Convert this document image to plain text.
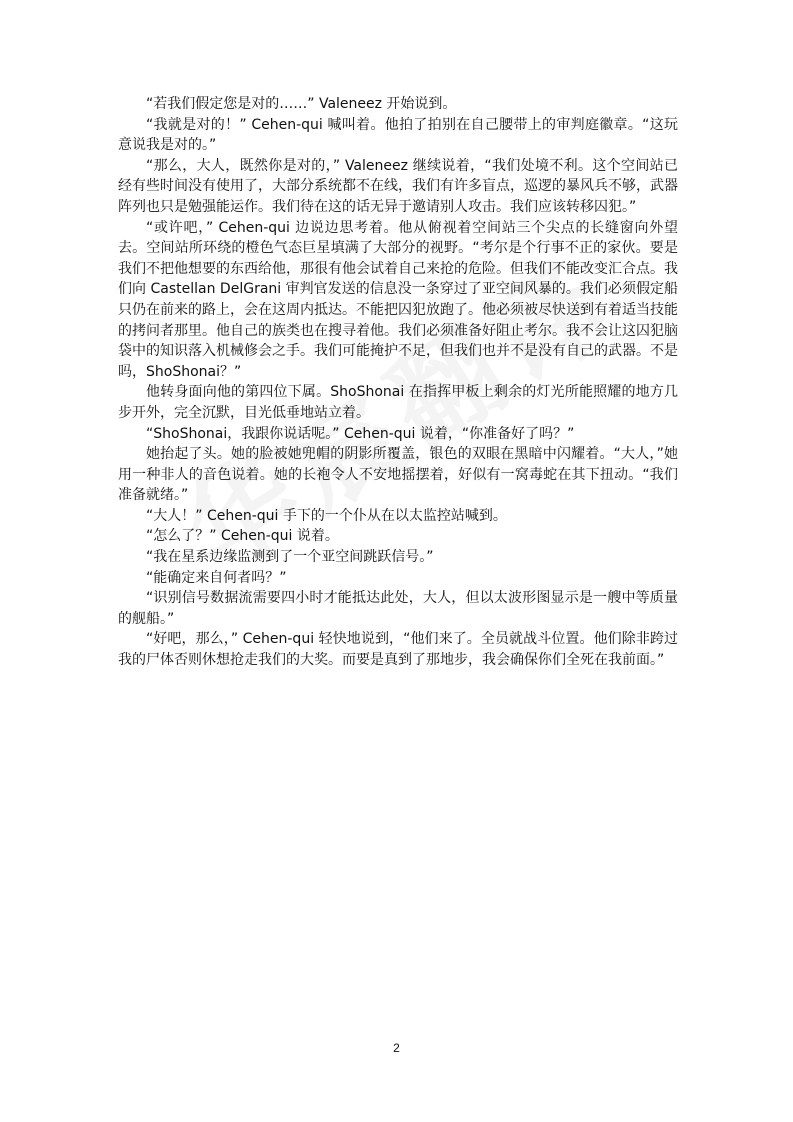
“若我们假定您是对的……” Valeneez 开始说到。

“我就是对的！” Cehen-qui 喊叫着。他拍了拍别在自己腰带上的审判庭徽章。“这玩意说我是对的。”

“那么，大人，既然你是对的，” Valeneez 继续说着，“我们处境不利。这个空间站已经有些时间没有使用了，大部分系统都不在线，我们有许多盲点，巡逻的暴风兵不够，武器阵列也只是勉强能运作。我们待在这的话无异于邀请别人攻击。我们应该转移囚犯。”

“或许吧，” Cehen-qui 边说边思考着。他从俯视着空间站三个尖点的长缝窗向外望去。空间站所环绕的橙色气态巨星填满了大部分的视野。“考尔是个行事不正的家伙。要是我们不把他想要的东西给他，那很有他会试着自己来抢的危险。但我们不能改变汇合点。我们向 Castellan DelGrani 审判官发送的信息没一条穿过了亚空间风暴的。我们必须假定船只仍在前来的路上，会在这周内抵达。不能把囚犯放跑了。他必须被尽快送到有着适当技能的拷问者那里。他自己的族类也在搜寻着他。我们必须准备好阻止考尔。我不会让这囚犯脑袋中的知识落入机械修会之手。我们可能掩护不足，但我们也并不是没有自己的武器。不是吗，ShoShonai？”

他转身面向他的第四位下属。ShoShonai 在指挥甲板上剩余的灯光所能照耀的地方几步开外，完全沉默，目光低垂地站立着。

“ShoShonai，我跟你说话呢。” Cehen-qui 说着，“你准备好了吗？”

她抬起了头。她的脸被她兜帽的阴影所覆盖，银色的双眼在黑暗中闪耀着。“大人，”她用一种非人的音色说着。她的长袍令人不安地摇摆着，好似有一窝毒蛇在其下扭动。“我们准备就绪。”

“大人！” Cehen-qui 手下的一个仆从在以太监控站喊到。

“怎么了？” Cehen-qui 说着。

“我在星系边缘监测到了一个亚空间跳跃信号。”

“能确定来自何者吗？”

“识别信号数据流需要四小时才能抵达此处，大人，但以太波形图显示是一艘中等质量的舰船。”

“好吧，那么，” Cehen-qui 轻快地说到，“他们来了。全员就战斗位置。他们除非跨过我的尸体否则休想抢走我们的大奖。而要是真到了那地步，我会确保你们全死在我前面。”

2
